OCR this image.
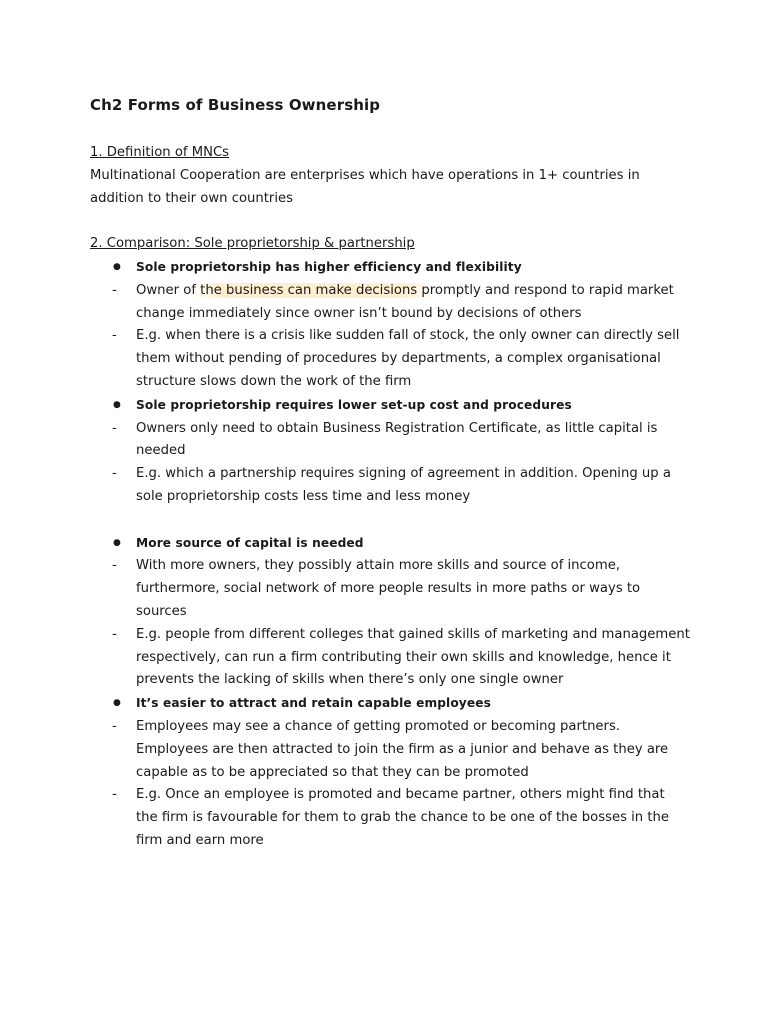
Ch2 Forms of Business Ownership
1. Definition of MNCs
Multinational Cooperation are enterprises which have operations in 1+ countries in addition to their own countries
2. Comparison: Sole proprietorship & partnership
●	Sole proprietorship has higher efficiency and flexibility
-	Owner of the business can make decisions promptly and respond to rapid market change immediately since owner isn’t bound by decisions of others
-	E.g. when there is a crisis like sudden fall of stock, the only owner can directly sell them without pending of procedures by departments, a complex organisational structure slows down the work of the firm
●	Sole proprietorship requires lower set-up cost and procedures
-	Owners only need to obtain Business Registration Certificate, as little capital is needed
-	E.g. which a partnership requires signing of agreement in addition. Opening up a sole proprietorship costs less time and less money
●	More source of capital is needed
-	With more owners, they possibly attain more skills and source of income, furthermore, social network of more people results in more paths or ways to sources
-	E.g. people from different colleges that gained skills of marketing and management respectively, can run a firm contributing their own skills and knowledge, hence it prevents the lacking of skills when there’s only one single owner
●	It’s easier to attract and retain capable employees
-	Employees may see a chance of getting promoted or becoming partners. Employees are then attracted to join the firm as a junior and behave as they are capable as to be appreciated so that they can be promoted
-	E.g. Once an employee is promoted and became partner, others might find that the firm is favourable for them to grab the chance to be one of the bosses in the firm and earn more
